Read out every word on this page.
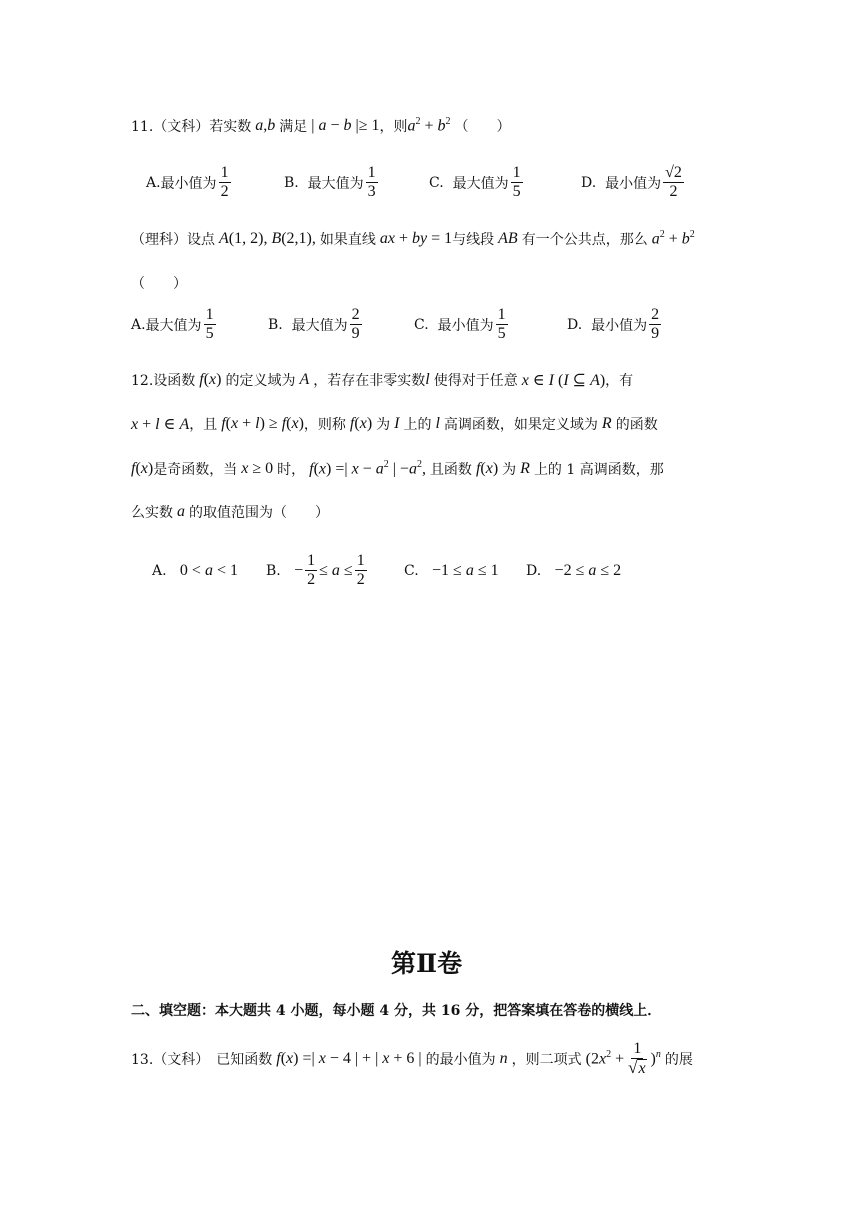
11.（文科）若实数 a , b 满足 | a − b |≥ 1 ，则 $a^2 + b^2$ （　　）
A. 最小值为 $\frac{1}{2}$	B.
最大值为 $\frac{1}{3}$	C.
最大值为 $\frac{1}{5}$	D.
最小值为 $\frac{√2}{2}$
（理科）设点 A(1, 2), B(2,1), 如果直线 ax + by = 1 与线段 AB 有一个公共点，那么 $a^2 + b^2$
（　　）
A. 最大值为 $\frac{1}{5}$	B.
最大值为 $\frac{2}{9}$	C.
最小值为 $\frac{1}{5}$	D.
最小值为 $\frac{2}{9}$
12.设函数 f(x) 的定义域为 A ，若存在非零实数 l 使得对于任意 x ∈ I (I ⊆ A) ，有
x + l ∈ A ，且 f(x + l) ≥ f(x) ，则称 f(x) 为 I 上的 l 高调函数，如果定义域为 R 的函数
f(x) 是奇函数，当 x ≥ 0 时， f(x) =| $x - a^2$ | $-a^2$, 且函数 f(x) 为 R 上的 1 高调函数，那
么实数 a 的取值范围为（　　）
A.
0 < a < 1 B.
− $\frac{1}{2} \le a \le \frac{1}{2}$	C.
−1 ≤ a ≤ 1 D.
−2 ≤ a ≤ 2
第Ⅱ卷
二、填空题：本大题共 4 小题，每小题 4 分，共 16 分，把答案填在答卷的横线上．
13.（文科）　已知函数 f(x) =| x − 4 | + | x + 6 | 的最小值为 n ，则二项式 $(2x^2 + \frac{1}{√ x} )^n$ 的展
